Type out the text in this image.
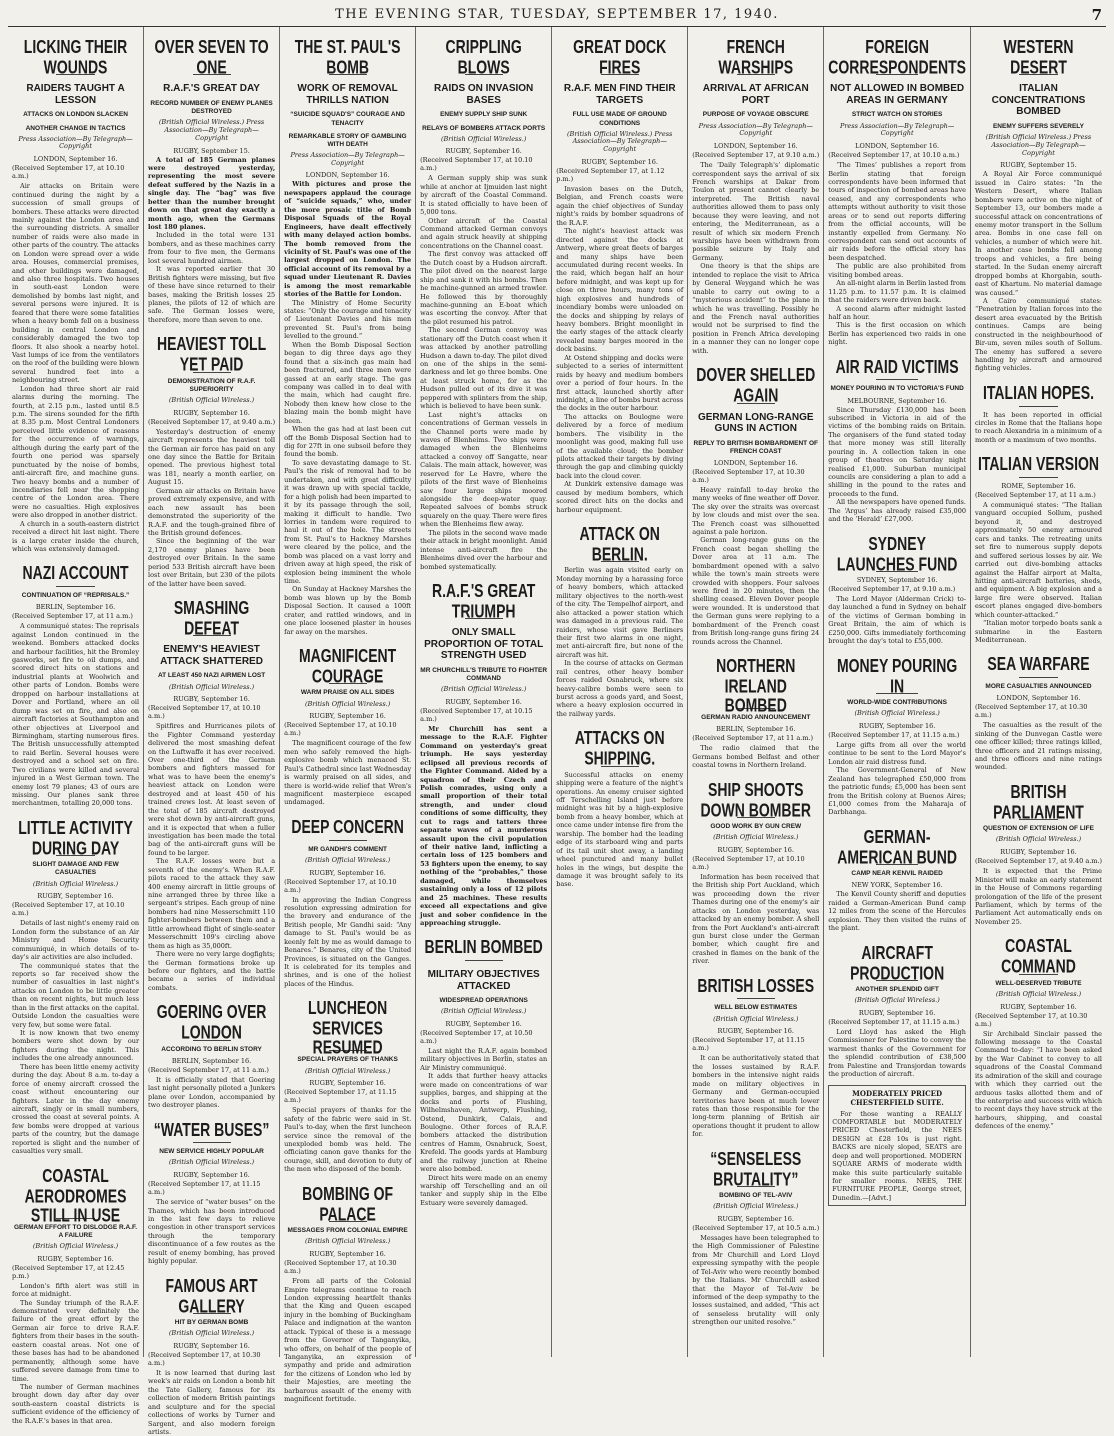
THE EVENING STAR, TUESDAY, SEPTEMBER 17, 1940.	7
LICKING THEIR WOUNDS
RAIDERS TAUGHT A LESSON
ATTACKS ON LONDON SLACKEN
ANOTHER CHANGE IN TACTICS
Press Association—By Telegraph—Copyright
LONDON, September 16.
(Received September 17, at 10.10 a.m.)

Air attacks on Britain were continued during the night by a succession of small groups of bombers. These attacks were directed mainly against the London area and the surrounding districts. A smaller number of raids were also made in other parts of the country. The attacks on London were spread over a wide area. Houses, commercial premises, and other buildings were damaged, and also three hospitals. Two houses in south-east London were demolished by bombs last night, and several persons were injured. It is feared that there were some fatalities when a heavy bomb fell on a business building in central London and considerably damaged the two top floors. It also shook a nearby hotel. Vast lumps of ice from the ventilators on the roof of the building were blown several hundred feet into a neighbouring street.

London had three short air raid alarms during the morning. The fourth, at 2.15 p.m., lasted until 8.5 p.m. The sirens sounded for the fifth at 8.35 p.m. Most Central Londoners perceived little evidence of reasons for the occurrence of warnings, although during the early part of the fourth one period was sparsely punctuated by the noise of bombs, anti-aircraft fire, and machine guns. Two heavy bombs and a number of incendiaries fell near the shopping centre of the London area. There were no casualties. High explosives were also dropped in another district.

A church in a south-eastern district received a direct hit last night. There is a large crater inside the church, which was extensively damaged.

NAZI ACCOUNT
CONTINUATION OF “REPRISALS.”
BERLIN, September 16.
(Received September 17, at 11 a.m.)

A communiqué states: The reprisals against London continued in the weekend. Bombers attacked docks and harbour facilities, hit the Bromley gasworks, set fire to oil dumps, and scored direct hits on stations and industrial plants at Woolwich and other parts of London. Bombs were dropped on harbour installations at Dover and Portland, where an oil dump was set on fire, and also on aircraft factories at Southampton and other objectives at Liverpool and Birmingham, starting numerous fires. The British unsuccessfully attempted to raid Berlin. Several houses were destroyed and a school set on fire. Two civilians were killed and several injured in a West German town. The enemy lost 79 planes; 43 of ours are missing. Our planes sank three merchantmen, totalling 20,000 tons.

LITTLE ACTIVITY DURING DAY
SLIGHT DAMAGE AND FEW CASUALTIES
(British Official Wireless.)
RUGBY, September 16.
(Received September 17, at 10.10 a.m.)

Details of last night's enemy raid on London form the substance of an Air Ministry and Home Security communiqué, in which details of to-day's air activities are also included.

The communiqué states that the reports so far received show the number of casualties in last night's attacks on London to be little greater than on recent nights, but much less than in the first attacks on the capital. Outside London the casualties were very few, but some were fatal.

It is now known that two enemy bombers were shot down by our fighters during the night. This includes the one already announced.

There has been little enemy activity during the day. About 8 a.m. to-day a force of enemy aircraft crossed the coast without encountering our fighters. Later in the day enemy aircraft, singly or in small numbers, crossed the coast at several points. A few bombs were dropped at various parts of the country, but the damage reported is slight and the number of casualties very small.

COASTAL AERODROMES STILL IN USE
GERMAN EFFORT TO DISLODGE R.A.F. A FAILURE
(British Official Wireless.)
RUGBY, September 16.
(Received September 17, at 12.45 p.m.)

London's fifth alert was still in force at midnight.

The Sunday triumph of the R.A.F. demonstrated very definitely the failure of the great effort by the German air force to drive R.A.F. fighters from their bases in the south-eastern coastal areas. Not one of these bases has had to be abandoned permanently, although some have suffered severe damage from time to time.

The number of German machines brought down day after day over south-eastern coastal districts is sufficient evidence of the efficiency of the R.A.F.'s bases in that area.

OVER SEVEN TO ONE
R.A.F.'S GREAT DAY
RECORD NUMBER OF ENEMY PLANES DESTROYED
(British Official Wireless.) Press Association—By Telegraph—Copyright
RUGBY, September 15.

A total of 185 German planes were destroyed yesterday, representing the most severe defeat suffered by the Nazis in a single day. The “bag” was five better than the number brought down on that great day exactly a month ago, when the Germans lost 180 planes.

Included in the total were 131 bombers, and as these machines carry from four to five men, the Germans lost several hundred airmen.

It was reported earlier that 30 British fighters were missing, but five of these have since returned to their bases, making the British losses 25 planes, the pilots of 12 of which are safe. The German losses were, therefore, more than seven to one.

HEAVIEST TOLL YET PAID
DEMONSTRATION OF R.A.F. SUPERIORITY
(British Official Wireless.)
RUGBY, September 16.
(Received September 17, at 9.40 a.m.)

Yesterday's destruction of enemy aircraft represents the heaviest toll the German air force has paid on any one day since the Battle for Britain opened. The previous highest total was 181, nearly a month earlier, on August 15.

German air attacks on Britain have proved extremely expensive, and with each new assault has been demonstrated the superiority of the R.A.F. and the tough-grained fibre of the British ground defences.

Since the beginning of the war 2,170 enemy planes have been destroyed over Britain. In the same period 533 British aircraft have been lost over Britain, but 230 of the pilots of the latter have been saved.

SMASHING DEFEAT
ENEMY'S HEAVIEST ATTACK SHATTERED
AT LEAST 450 NAZI AIRMEN LOST
(British Official Wireless.)
RUGBY, September 16.
(Received September 17, at 10.10 a.m.)

Spitfires and Hurricanes pilots of the Fighter Command yesterday delivered the most smashing defeat on the Luftwaffe it has ever received. Over one-third of the German bombers and fighters massed for what was to have been the enemy's heaviest attack on London were destroyed and at least 450 of his trained crews lost. At least seven of the total of 185 aircraft destroyed were shot down by anti-aircraft guns, and it is expected that when a fuller investigation has been made the total bag of the anti-aircraft guns will be found to be larger.

The R.A.F. losses were but a seventh of the enemy's. When R.A.F. pilots raced to the attack they saw 400 enemy aircraft in little groups of nine arranged three by three like a sergeant's stripes. Each group of nine bombers had nine Messerschmitt 110 fighter-bombers between them and a little arrowhead flight of single-seater Messerschmitt 109's circling above them as high as 35,000ft.

There were no very large dogfights; the German formations broke up before our fighters, and the battle became a series of individual combats.

GOERING OVER LONDON
ACCORDING TO BERLIN STORY
BERLIN, September 16.
(Received September 17, at 11 a.m.)

It is officially stated that Goering last night personally piloted a Junkers plane over London, accompanied by two destroyer planes.

“WATER BUSES”
NEW SERVICE HIGHLY POPULAR
(British Official Wireless.)
RUGBY, September 16.
(Received September 17, at 11.15 a.m.)

The service of “water buses” on the Thames, which has been introduced in the last few days to relieve congestion in other transport services through the temporary discontinuance of a few routes as the result of enemy bombing, has proved highly popular.

FAMOUS ART GALLERY
HIT BY GERMAN BOMB
(British Official Wireless.)
RUGBY, September 16.
(Received September 17, at 10.30 a.m.)

It is now learned that during last week's air raids on London a bomb hit the Tate Gallery, famous for its collection of modern British paintings and sculpture and for the special collections of works by Turner and Sargent, and also modern foreign artists.

THE ST. PAUL'S BOMB
WORK OF REMOVAL THRILLS NATION
“SUICIDE SQUAD'S” COURAGE AND TENACITY
REMARKABLE STORY OF GAMBLING WITH DEATH
Press Association—By Telegraph—Copyright
LONDON, September 16.

With pictures and prose the newspapers applaud the courage of “suicide squads,” who, under the more prosaic title of Bomb Disposal Squads of the Royal Engineers, have dealt effectively with many delayed action bombs. The bomb removed from the vicinity of St. Paul's was one of the largest dropped on London. The official account of its removal by a squad under Lieutenant R. Davies is among the most remarkable stories of the Battle for London.

The Ministry of Home Security states: “Only the courage and tenacity of Lieutenant Davies and his men prevented St. Paul's from being levelled to the ground.”

When the Bomb Disposal Section began to dig three days ago they found that a six-inch gas main had been fractured, and three men were gassed at an early stage. The gas company was called in to deal with the main, which had caught fire. Nobody then knew how close to the blazing main the bomb might have been.

When the gas had at last been cut off the Bomb Disposal Section had to dig for 27ft in one subsoil before they found the bomb.

To save devastating damage to St. Paul's the risk of removal had to be undertaken, and with great difficulty it was drawn up with special tackle, for a high polish had been imparted to it by its passage through the soil, making it difficult to handle. Two lorries in tandem were required to haul it out of the hole. The streets from St. Paul's to Hackney Marshes were cleared by the police, and the bomb was placed on a vast lorry and driven away at high speed, the risk of explosion being imminent the whole time.

On Sunday at Hackney Marshes the bomb was blown up by the Bomb Disposal Section. It caused a 100ft crater, and rattled windows, and in one place loosened plaster in houses far away on the marshes.

MAGNIFICENT COURAGE
WARM PRAISE ON ALL SIDES
(British Official Wireless.)
RUGBY, September 16.
(Received September 17, at 10.10 a.m.)

The magnificent courage of the few men who safely removed the high-explosive bomb which menaced St. Paul's Cathedral since last Wednesday is warmly praised on all sides, and there is world-wide relief that Wren's magnificent masterpiece escaped undamaged.

DEEP CONCERN
MR GANDHI'S COMMENT
(British Official Wireless.)
RUGBY, September 16.
(Received September 17, at 10.10 a.m.)

In approving the Indian Congress resolution expressing admiration for the bravery and endurance of the British people, Mr Gandhi said: “Any damage to St. Paul's would be as keenly felt by me as would damage to Benares.” Benares, city of the United Provinces, is situated on the Ganges. It is celebrated for its temples and shrines, and is one of the holiest places of the Hindus.

LUNCHEON SERVICES RESUMED
SPECIAL PRAYERS OF THANKS
(British Official Wireless.)
RUGBY, September 16.
(Received September 17, at 11.15 a.m.)

Special prayers of thanks for the safety of the fabric were said in St. Paul's to-day, when the first luncheon service since the removal of the unexploded bomb was held. The officiating canon gave thanks for the courage, skill, and devotion to duty of the men who disposed of the bomb.

BOMBING OF PALACE
MESSAGES FROM COLONIAL EMPIRE
(British Official Wireless.)
RUGBY, September 16.
(Received September 17, at 10.30 a.m.)

From all parts of the Colonial Empire telegrams continue to reach London expressing heartfelt thanks that the King and Queen escaped injury in the bombing of Buckingham Palace and indignation at the wanton attack. Typical of these is a message from the Governor of Tanganyika, who offers, on behalf of the people of Tanganyika, an expression of sympathy and pride and admiration for the citizens of London who led by their Majesties, are meeting the barbarous assault of the enemy with magnificent fortitude.

CRIPPLING BLOWS
RAIDS ON INVASION BASES
ENEMY SUPPLY SHIP SUNK
RELAYS OF BOMBERS ATTACK PORTS
(British Official Wireless.)
RUGBY, September 16.
(Received September 17, at 10.10 a.m.)

A German supply ship was sunk while at anchor at Ijmuiden last night by aircraft of the Coastal Command. It is stated officially to have been of 5,000 tons.

Other aircraft of the Coastal Command attacked German convoys and again struck heavily at shipping concentrations on the Channel coast.

The first convoy was attacked off the Dutch coast by a Hudson aircraft. The pilot dived on the nearest large ship and sank it with his bombs. Then he machine-gunned an armed trawler. He followed this by thoroughly machine-gunning an E-boat which was escorting the convoy. After that the pilot resumed his patrol.

The second German convoy was stationary off the Dutch coast when it was attacked by another patrolling Hudson a dawn to-day. The pilot dived on one of the ships in the semi-darkness and let go three bombs. One at least struck home, for as the Hudson pulled out of its dive it was peppered with splinters from the ship, which is believed to have been sunk.

Last night's attacks on concentrations of German vessels in the Channel ports were made by waves of Blenheims. Two ships were damaged when the Blenheims attacked a convoy off Sangatte, near Calais. The main attack, however, was reserved for Le Havre, where the pilots of the first wave of Blenheims saw four large ships moored alongside the deep-water quay. Repeated salvoes of bombs struck squarely on the quay. There were fires when the Blenheims flew away.

The pilots in the second wave made their attack in bright moonlight. Amid intense anti-aircraft fire the Blenheims dived over the harbour and bombed systematically.

R.A.F.'S GREAT TRIUMPH
ONLY SMALL PROPORTION OF TOTAL STRENGTH USED
MR CHURCHILL'S TRIBUTE TO FIGHTER COMMAND
(British Official Wireless.)
RUGBY, September 16.
(Received September 17, at 10.15 a.m.)

Mr Churchill has sent a message to the R.A.F. Fighter Command on yesterday's great triumph. He says yesterday eclipsed all previous records of the Fighter Command. Aided by a squadron of their Czech and Polish comrades, using only a small proportion of their total strength, and under cloud conditions of some difficulty, they cut to rags and tatters three separate waves of a murderous assault upon the civil population of their native land, inflicting a certain loss of 125 bombers and 53 fighters upon the enemy, to say nothing of the “probables,” those damaged, while themselves sustaining only a loss of 12 pilots and 25 machines. These results exceed all expectations and give just and sober confidence in the approaching struggle.

BERLIN BOMBED
MILITARY OBJECTIVES ATTACKED
WIDESPREAD OPERATIONS
(British Official Wireless.)
RUGBY, September 16.
(Received September 17, at 10.50 a.m.)

Last night the R.A.F. again bombed military objectives in Berlin, states an Air Ministry communiqué.

It adds that further heavy attacks were made on concentrations of war supplies, barges, and shipping at the docks and ports of Flushing, Wilhelmshaven, Antwerp, Flushing, Ostend, Dunkirk, Calais, and Boulogne. Other forces of R.A.F. bombers attacked the distribution centres of Hamm, Osnabruck, Soest, Krefeld. The goods yards at Hamburg and the railway junction at Rheine were also bombed.

Direct hits were made on an enemy warship off Terschelling and an oil tanker and supply ship in the Elbe Estuary were severely damaged.

GREAT DOCK FIRES
R.A.F. MEN FIND THEIR TARGETS
FULL USE MADE OF GROUND CONDITIONS
(British Official Wireless.) Press Association—By Telegraph—Copyright
RUGBY, September 16.
(Received September 17, at 1.12 p.m.)

Invasion bases on the Dutch, Belgian, and French coasts were again the chief objectives of Sunday night's raids by bomber squadrons of the R.A.F.

The night's heaviest attack was directed against the docks at Antwerp, where great fleets of barges and many ships have been accumulated during recent weeks. In the raid, which began half an hour before midnight, and was kept up for close on three hours, many tons of high explosives and hundreds of incendiary bombs were unloaded on the docks and shipping by relays of heavy bombers. Bright moonlight in the early stages of the attack clearly revealed many barges moored in the dock basins.

At Ostend shipping and docks were subjected to a series of intermittent raids by heavy and medium bombers over a period of four hours. In the first attack, launched shortly after midnight, a line of bombs burst across the docks in the outer harbour.

The attacks on Boulogne were delivered by a force of medium bombers. The visibility in the moonlight was good, making full use of the available cloud; the bomber pilots attacked their targets by diving through the gap and climbing quickly back into the cloud cover.

At Dunkirk extensive damage was caused by medium bombers, which scored direct hits on the docks and harbour equipment.

ATTACK ON BERLIN.

Berlin was again visited early on Monday morning by a harassing force of heavy bombers, which attacked military objectives to the north-west of the city. The Tempelhof airport, and also attacked a power station which was damaged in a previous raid. The raiders, whose visit gave Berliners their first two alarms in one night, met anti-aircraft fire, but none of the aircraft was hit.

In the course of attacks on German rail centres, other heavy bomber forces raided Osnabruck, where six heavy-calibre bombs were seen to burst across a goods yard, and Soest, where a heavy explosion occurred in the railway yards.

ATTACKS ON SHIPPING.

Successful attacks on enemy shipping were a feature of the night's operations. An enemy cruiser sighted off Terschelling Island just before midnight was hit by a high-explosive bomb from a heavy bomber, which at once came under intense fire from the warship. The bomber had the leading edge of its starboard wing and parts of its tail unit shot away, a landing wheel punctured and many bullet holes in the wings, but despite the damage it was brought safely to its base.

FRENCH WARSHIPS
ARRIVAL AT AFRICAN PORT
PURPOSE OF VOYAGE OBSCURE
Press Association—By Telegraph—Copyright
LONDON, September 16.
(Received September 17, at 9.10 a.m.)

The ‘Daily Telegraph's’ diplomatic correspondent says the arrival of six French warships at Dakar from Toulon at present cannot clearly be interpreted. The British naval authorities allowed them to pass only because they were leaving, and not entering, the Mediterranean, as a result of which six modern French warships have been withdrawn from possible seizure by Italy and Germany.

One theory is that the ships are intended to replace the visit to Africa by General Weygand which he was unable to carry out owing to a “mysterious accident” to the plane in which he was travelling. Possibly he and the French naval authorities would not be surprised to find the position in French Africa developing in a manner they can no longer cope with.

DOVER SHELLED AGAIN
GERMAN LONG-RANGE GUNS IN ACTION
REPLY TO BRITISH BOMBARDMENT OF FRENCH COAST
LONDON, September 16.
(Received September 17, at 10.30 a.m.)

Heavy rainfall to-day broke the many weeks of fine weather off Dover. The sky over the straits was overcast by low clouds and mist over the sea. The French coast was silhouetted against a pale horizon.

German long-range guns on the French coast began shelling the Dover area at 11 a.m. The bombardment opened with a salvo while the town's main streets were crowded with shoppers. Four salvoes were fired in 20 minutes, then the shelling ceased. Eleven Dover people were wounded. It is understood that the German guns were replying to a bombardment of the French coast from British long-range guns firing 24 rounds across the Channel.

NORTHERN IRELAND BOMBED
GERMAN RADIO ANNOUNCEMENT
BERLIN, September 16.
(Received September 17, at 11 a.m.)

The radio claimed that the Germans bombed Belfast and other coastal towns in Northern Ireland.

SHIP SHOOTS DOWN BOMBER
GOOD WORK BY GUN CREW
(British Official Wireless.)
RUGBY, September 16.
(Received September 17, at 10.10 a.m.)

Information has been received that the British ship Port Auckland, which was proceeding down the river Thames during one of the enemy's air attacks on London yesterday, was attacked by an enemy bomber. A shell from the Port Auckland's anti-aircraft gun burst close under the German bomber, which caught fire and crashed in flames on the bank of the river.

BRITISH LOSSES
WELL BELOW ESTIMATES
(British Official Wireless.)
RUGBY, September 16.
(Received September 17, at 11.15 a.m.)

It can be authoritatively stated that the losses sustained by R.A.F. bombers in the intensive night raids made on military objectives in Germany and German-occupied territories have been at much lower rates than those responsible for the long-term planning of British air operations thought it prudent to allow for.

“SENSELESS BRUTALITY”
BOMBING OF TEL-AVIV
(British Official Wireless.)
RUGBY, September 16.
(Received September 17, at 10.5 a.m.)

Messages have been telegraphed to the High Commissioner of Palestine from Mr Churchill and Lord Lloyd expressing sympathy with the people of Tel-Aviv who were recently bombed by the Italians. Mr Churchill asked that the Mayor of Tel-Aviv be informed of the deep sympathy to the losses sustained, and added, “This act of senseless brutality will only strengthen our united resolve.”

FOREIGN CORRESPONDENTS
NOT ALLOWED IN BOMBED AREAS IN GERMANY
STRICT WATCH ON STORIES
Press Association—By Telegraph—Copyright
LONDON, September 16.
(Received September 17, at 10.10 a.m.)

‘The Times’ publishes a report from Berlin stating that foreign correspondents have been informed that tours of inspection of bombed areas have ceased, and any correspondents who attempts without authority to visit those areas or to send out reports differing from the official accounts, will be instantly expelled from Germany. No correspondent can send out accounts of air raids before the official story has been despatched.

The public are also prohibited from visiting bombed areas.

An all-night alarm in Berlin lasted from 11.25 p.m. to 11.57 p.m. It is claimed that the raiders were driven back.

A second alarm after midnight lasted half an hour.

This is the first occasion on which Berlin has experienced two raids in one night.

AIR RAID VICTIMS
MONEY POURING IN TO VICTORIA'S FUND
MELBOURNE, September 16.

Since Thursday £130,000 has been subscribed in Victoria in aid of the victims of the bombing raids on Britain. The organisers of the fund stated today that more money was still literally pouring in. A collection taken in one group of theatres on Saturday night realised £1,000. Suburban municipal councils are considering a plan to add a shilling in the pound to the rates and proceeds to the fund.

All the newspapers have opened funds. The ‘Argus’ has already raised £35,000 and the ‘Herald’ £27,000.

SYDNEY LAUNCHES FUND
SYDNEY, September 16.
(Received September 17, at 9.10 a.m.)

The Lord Mayor (Alderman Crick) to-day launched a fund in Sydney on behalf of the victims of German bombing in Great Britain, the aim of which is £250,000. Gifts immediately forthcoming brought the day's total to £55,000.

MONEY POURING IN
WORLD-WIDE CONTRIBUTIONS
(British Official Wireless.)
RUGBY, September 16.
(Received September 17, at 11.15 a.m.)

Large gifts from all over the world continue to be sent to the Lord Mayor's London air raid distress fund.

The Government-General of New Zealand has telegraphed £50,000 from the patriotic funds; £5,000 has been sent from the British colony at Buenos Aires; £1,000 comes from the Maharaja of Darbhanga.

GERMAN-AMERICAN BUND
CAMP NEAR KENVIL RAIDED
NEW YORK, September 16.

The Kenvil County sheriff and deputies raided a German-American Bund camp 12 miles from the scene of the Hercules explosion. They then visited the ruins of the plant.

AIRCRAFT PRODUCTION
ANOTHER SPLENDID GIFT
(British Official Wireless.)
RUGBY, September 16.
(Received September 17, at 11.15 a.m.)

Lord Lloyd has asked the High Commissioner for Palestine to convey the warmest thanks of the Government for the splendid contribution of £38,500 from Palestine and Transjordan towards the production of aircraft.

MODERATELY PRICED CHESTERFIELD SUITE.

For those wanting a REALLY COMFORTABLE but MODERATELY PRICED Chesterfield, the NEES DESIGN at £28 10s is just right. BACKS are nicely sloped, SEATS are deep and well proportioned. MODERN SQUARE ARMS of moderate width make this suite particularly suitable for smaller rooms. NEES, THE FURNITURE PEOPLE, George street, Dunedin.—[Advt.]

WESTERN DESERT
ITALIAN CONCENTRATIONS BOMBED
ENEMY SUFFERS SEVERELY
(British Official Wireless.) Press Association—By Telegraph—Copyright
RUGBY, September 15.

A Royal Air Force communiqué issued in Cairo states: “In the Western Desert, where Italian bombers were active on the night of September 13, our bombers made a successful attack on concentrations of enemy motor transport in the Sollum area. Bombs in one case fell on vehicles, a number of which were hit. In another case bombs fell among troops and vehicles, a fire being started. In the Sudan enemy aircraft dropped bombs at Khorgabin, south-east of Khartum. No material damage was caused.”

A Cairo communiqué states: “Penetration by Italian forces into the desert area evacuated by the British continues. Camps are being constructed in the neighbourhood of Bir-um, seven miles south of Sollum. The enemy has suffered a severe handling by aircraft and armoured fighting vehicles.

ITALIAN HOPES.

It has been reported in official circles in Rome that the Italians hope to reach Alexandria in a minimum of a month or a maximum of two months.

ITALIAN VERSION
ROME, September 16.
(Received September 17, at 11 a.m.)

A communiqué states: “The Italian vanguard occupied Sollum, pushed beyond it, and destroyed approximately 50 enemy armoured cars and tanks. The retreating units set fire to numerous supply depots and suffered serious losses by air. We carried out dive-bombing attacks against the Halfar airport at Malta, hitting anti-aircraft batteries, sheds, and equipment. A big explosion and a large fire were observed. Italian escort planes engaged dive-bombers which counter-attacked.”

“Italian motor torpedo boats sank a submarine in the Eastern Mediterranean.

SEA WARFARE
MORE CASUALTIES ANNOUNCED
LONDON, September 16.
(Received September 17, at 10.30 a.m.)

The casualties as the result of the sinking of the Dunvegan Castle were one officer killed; three ratings killed, three officers and 21 ratings missing, and three officers and nine ratings wounded.

BRITISH PARLIAMENT
QUESTION OF EXTENSION OF LIFE
(British Official Wireless.)
RUGBY, September 16.
(Received September 17, at 9.40 a.m.)

It is expected that the Prime Minister will make an early statement in the House of Commons regarding prolongation of the life of the present Parliament, which by terms of the Parliament Act automatically ends on November 25.

COASTAL COMMAND
WELL-DESERVED TRIBUTE
(British Official Wireless.)
RUGBY, September 16.
(Received September 17, at 10.30 a.m.)

Sir Archibald Sinclair passed the following message to the Coastal Command to-day: “I have been asked by the War Cabinet to convey to all squadrons of the Coastal Command its admiration of the skill and courage with which they carried out the arduous tasks allotted them and of the enterprise and success with which to recent days they have struck at the harbours, shipping, and coastal defences of the enemy.”
